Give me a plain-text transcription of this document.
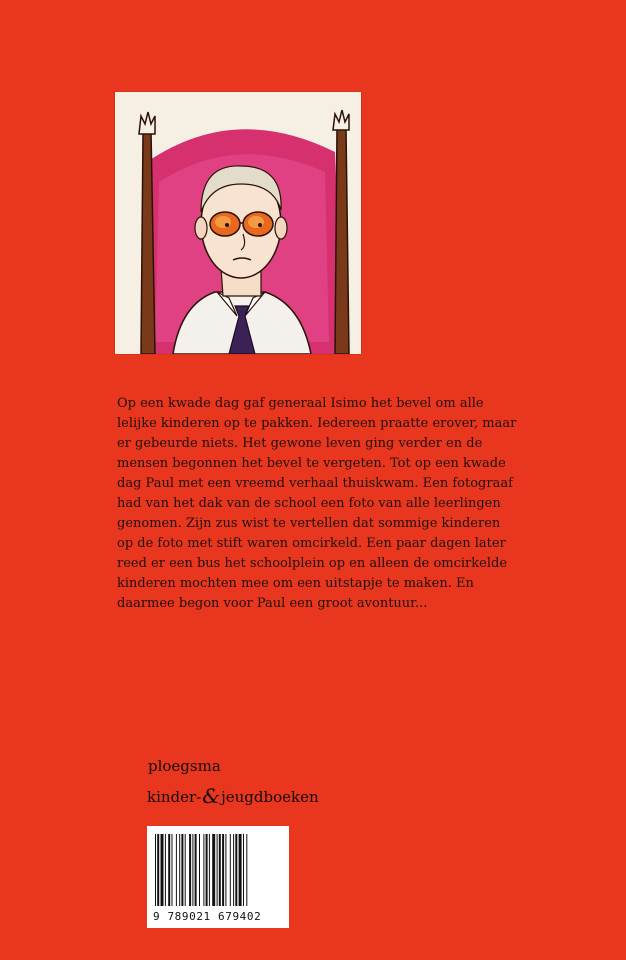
Op een kwade dag gaf generaal Isimo het bevel om alle lelijke kinderen op te pakken. Iedereen praatte erover, maar er gebeurde niets. Het gewone leven ging verder en de mensen begonnen het bevel te vergeten. Tot op een kwade dag Paul met een vreemd verhaal thuiskwam. Een fotograaf had van het dak van de school een foto van alle leerlingen genomen. Zijn zus wist te vertellen dat sommige kinderen op de foto met stift waren omcirkeld. Een paar dagen later reed er een bus het schoolplein op en alleen de omcirkelde kinderen mochten mee om een uitstapje te maken. En daarmee begon voor Paul een groot avontuur...

ploegsma
kinder-&jeugdboeken
9 789021 679402
